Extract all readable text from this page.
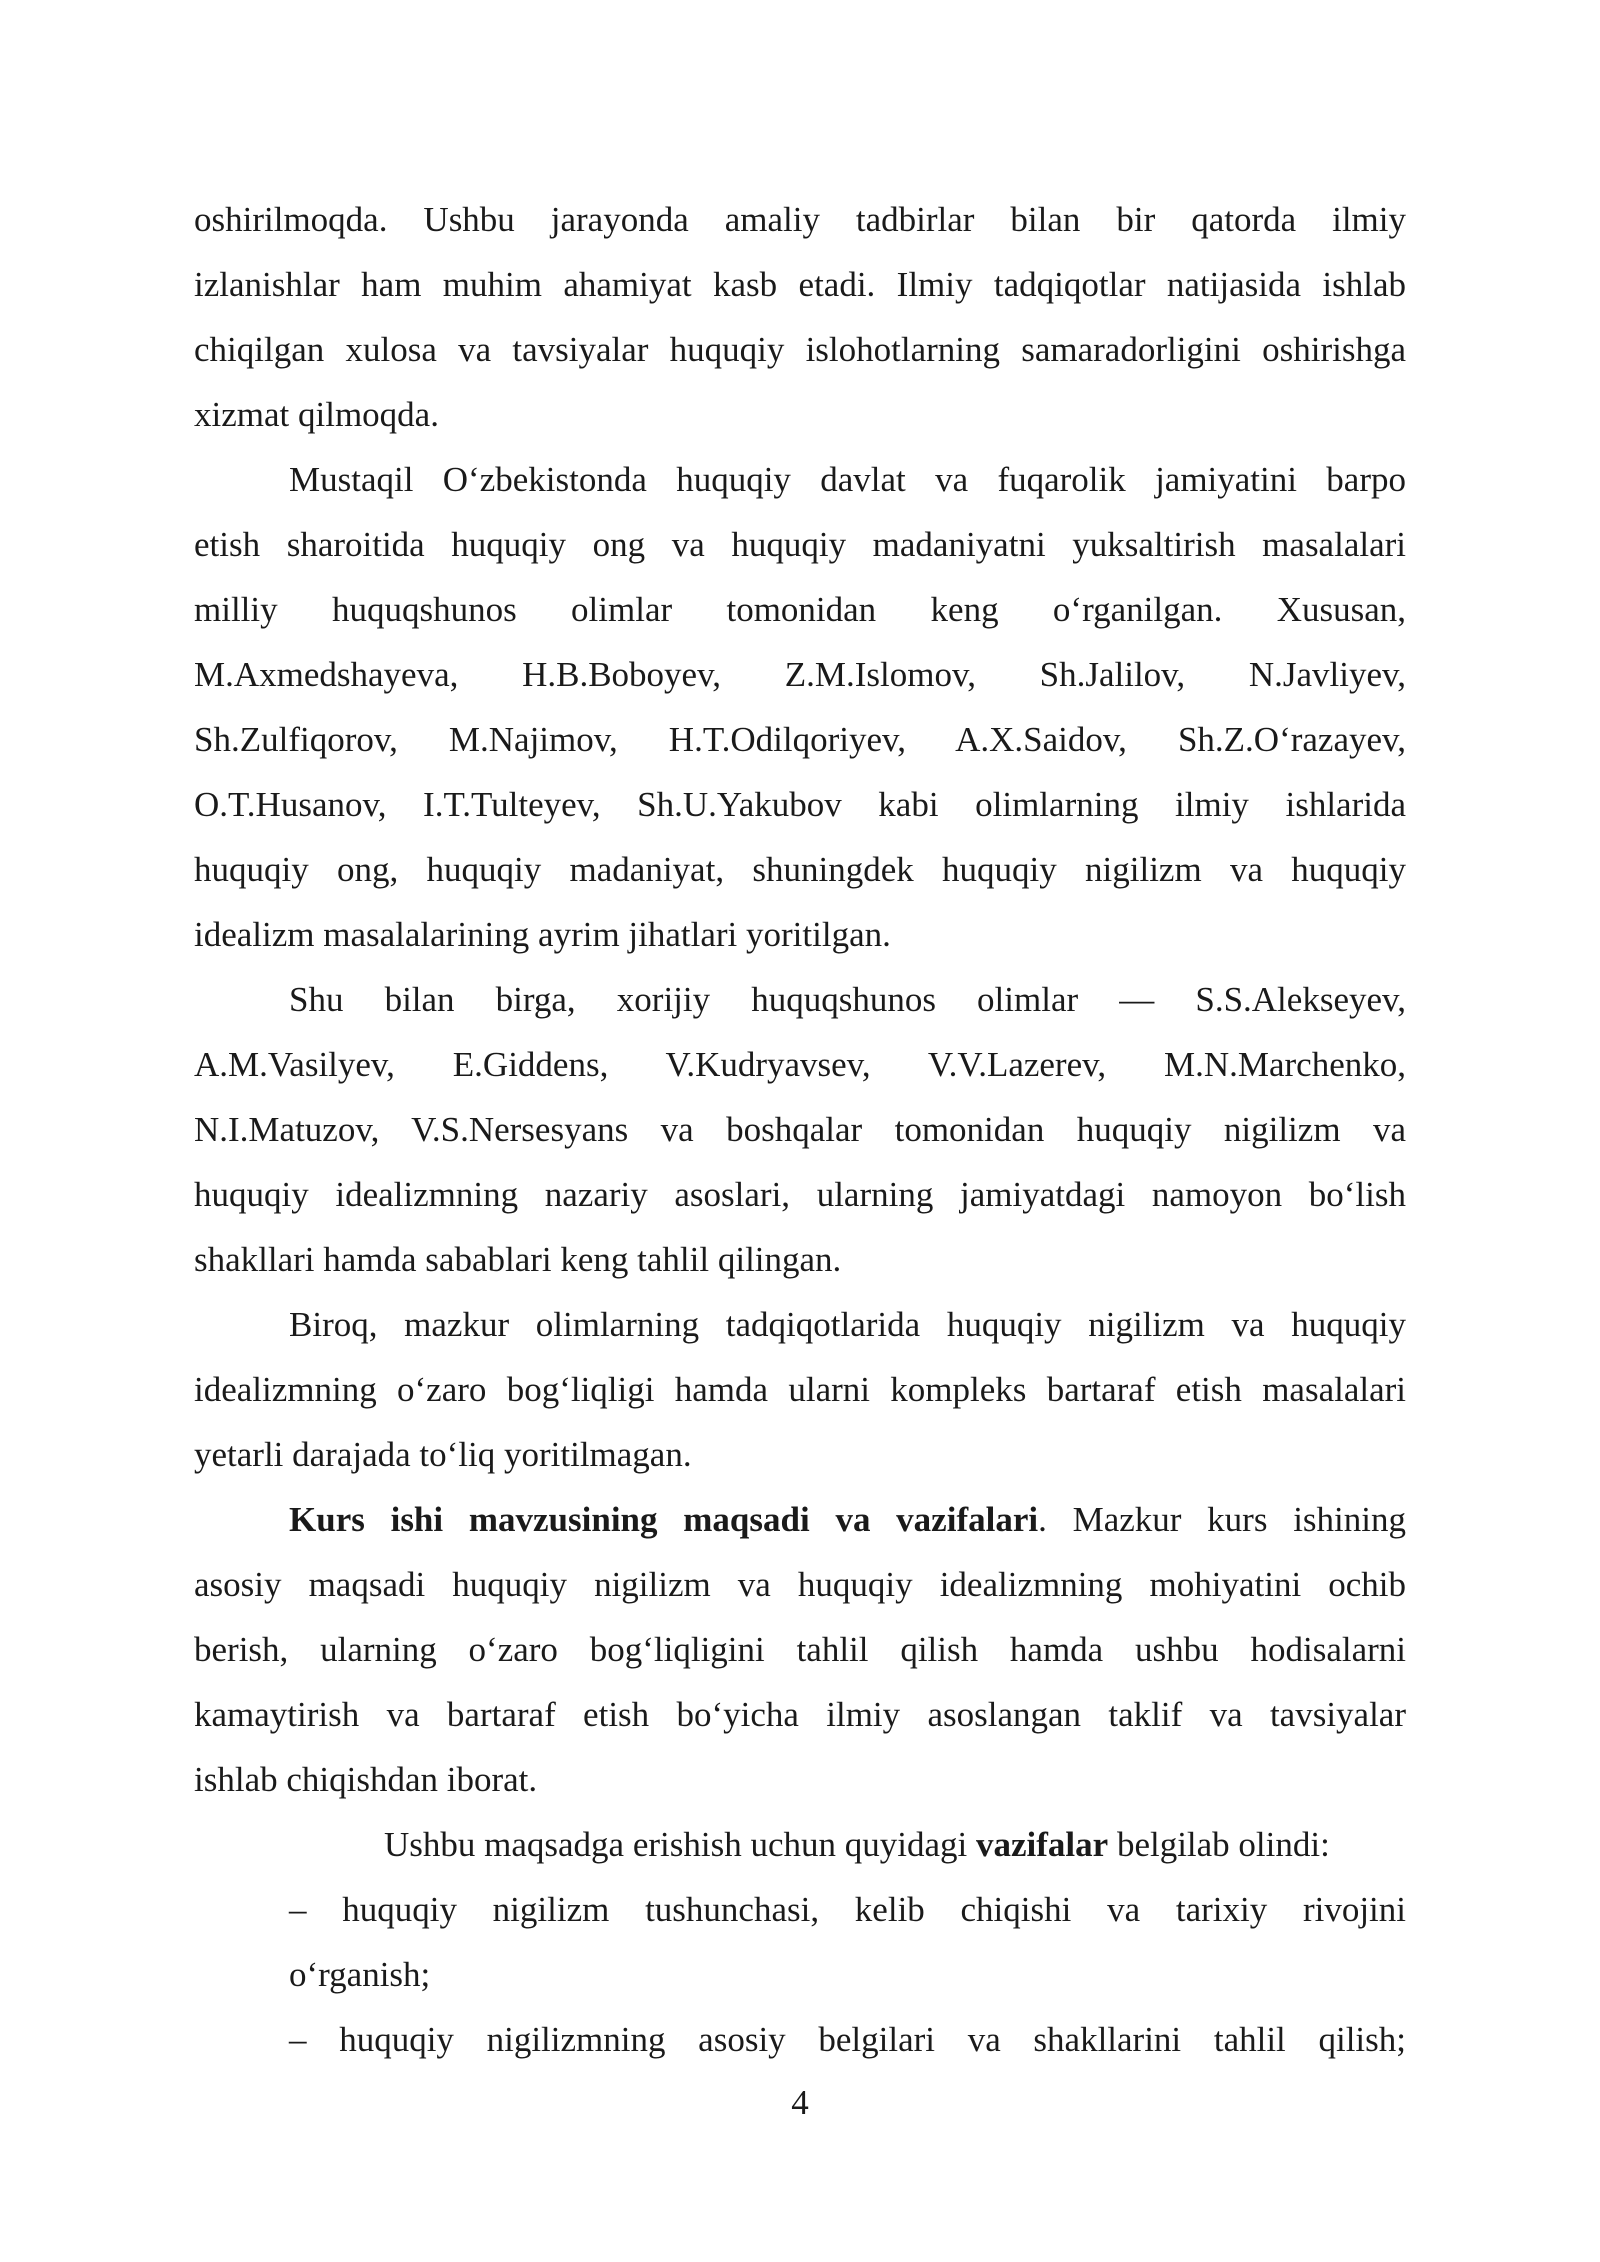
oshirilmoqda. Ushbu jarayonda amaliy tadbirlar bilan bir qatorda ilmiy
izlanishlar ham muhim ahamiyat kasb etadi. Ilmiy tadqiqotlar natijasida ishlab
chiqilgan xulosa va tavsiyalar huquqiy islohotlarning samaradorligini oshirishga
xizmat qilmoqda.
Mustaqil O‘zbekistonda huquqiy davlat va fuqarolik jamiyatini barpo
etish sharoitida huquqiy ong va huquqiy madaniyatni yuksaltirish masalalari
milliy huquqshunos olimlar tomonidan keng o‘rganilgan. Xususan,
M.Axmedshayeva, H.B.Boboyev, Z.M.Islomov, Sh.Jalilov, N.Javliyev,
Sh.Zulfiqorov, M.Najimov, H.T.Odilqoriyev, A.X.Saidov, Sh.Z.O‘razayev,
O.T.Husanov, I.T.Tulteyev, Sh.U.Yakubov kabi olimlarning ilmiy ishlarida
huquqiy ong, huquqiy madaniyat, shuningdek huquqiy nigilizm va huquqiy
idealizm masalalarining ayrim jihatlari yoritilgan.
Shu bilan birga, xorijiy huquqshunos olimlar — S.S.Alekseyev,
A.M.Vasilyev, E.Giddens, V.Kudryavsev, V.V.Lazerev, M.N.Marchenko,
N.I.Matuzov, V.S.Nersesyans va boshqalar tomonidan huquqiy nigilizm va
huquqiy idealizmning nazariy asoslari, ularning jamiyatdagi namoyon bo‘lish
shakllari hamda sabablari keng tahlil qilingan.
Biroq, mazkur olimlarning tadqiqotlarida huquqiy nigilizm va huquqiy
idealizmning o‘zaro bog‘liqligi hamda ularni kompleks bartaraf etish masalalari
yetarli darajada to‘liq yoritilmagan.
Kurs ishi mavzusining maqsadi va vazifalari. Mazkur kurs ishining
asosiy maqsadi huquqiy nigilizm va huquqiy idealizmning mohiyatini ochib
berish, ularning o‘zaro bog‘liqligini tahlil qilish hamda ushbu hodisalarni
kamaytirish va bartaraf etish bo‘yicha ilmiy asoslangan taklif va tavsiyalar
ishlab chiqishdan iborat.
Ushbu maqsadga erishish uchun quyidagi vazifalar belgilab olindi:
– huquqiy nigilizm tushunchasi, kelib chiqishi va tarixiy rivojini
o‘rganish;
– huquqiy nigilizmning asosiy belgilari va shakllarini tahlil qilish;
4
